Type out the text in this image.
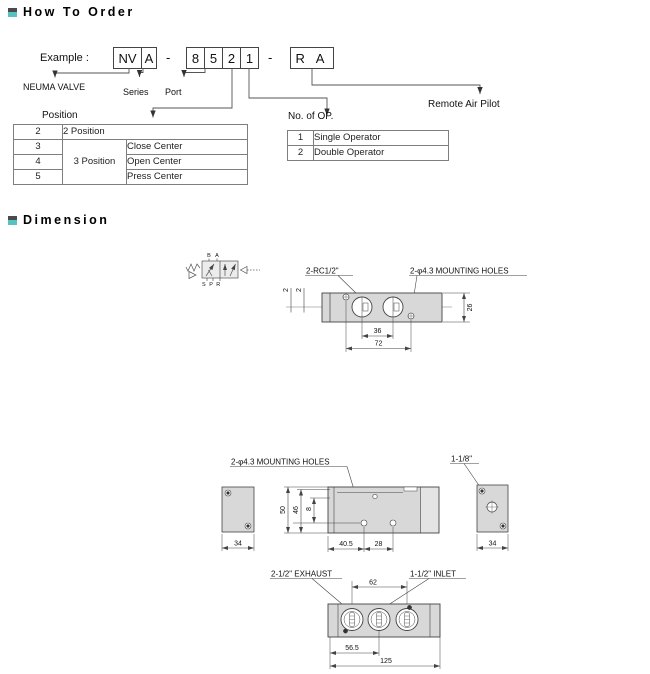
How To Order
Example :	NV A -	8 5 2 1	-	R A
NEUMA VALVE	Series Port
Position	No. of OP.
Remote Air Pilot
2	2 Position	
3	3 Position	Close Center
4		Open Center
5		Press Center
1	Single Operator
2	Double Operator
Dimension
B A
S P R
2-RC1/2"	2-φ4.3 MOUNTING HOLES
2 2
36
72
26
34
2-φ4.3 MOUNTING HOLES
50 46 8
40.5	28
1-1/8"
34
2-1/2" EXHAUST	1-1/2" INLET
62
56.5
125
